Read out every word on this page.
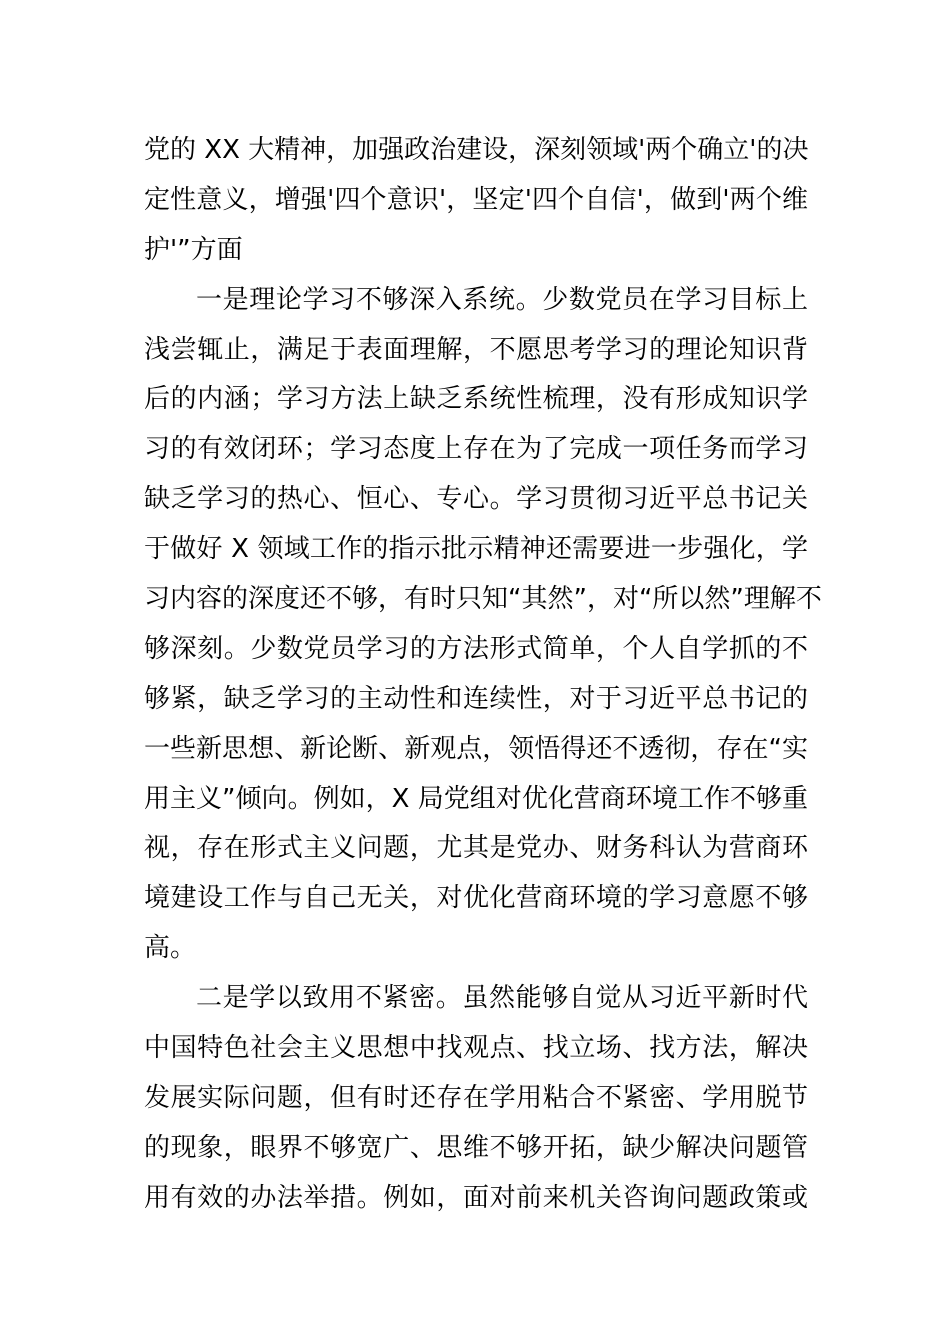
党的 XX 大精神，加强政治建设，深刻领域'两个确立'的决
定性意义，增强'四个意识'，坚定'四个自信'，做到'两个维
护'”方面
一是理论学习不够深入系统。少数党员在学习目标上
浅尝辄止，满足于表面理解，不愿思考学习的理论知识背
后的内涵；学习方法上缺乏系统性梳理，没有形成知识学
习的有效闭环；学习态度上存在为了完成一项任务而学习
缺乏学习的热心、恒心、专心。学习贯彻习近平总书记关
于做好 X 领域工作的指示批示精神还需要进一步强化，学
习内容的深度还不够，有时只知“其然”，对“所以然”理解不
够深刻。少数党员学习的方法形式简单，个人自学抓的不
够紧，缺乏学习的主动性和连续性，对于习近平总书记的
一些新思想、新论断、新观点，领悟得还不透彻，存在“实
用主义”倾向。例如，X 局党组对优化营商环境工作不够重
视，存在形式主义问题，尤其是党办、财务科认为营商环
境建设工作与自己无关，对优化营商环境的学习意愿不够
高。
二是学以致用不紧密。虽然能够自觉从习近平新时代
中国特色社会主义思想中找观点、找立场、找方法，解决
发展实际问题，但有时还存在学用粘合不紧密、学用脱节
的现象，眼界不够宽广、思维不够开拓，缺少解决问题管
用有效的办法举措。例如，面对前来机关咨询问题政策或
